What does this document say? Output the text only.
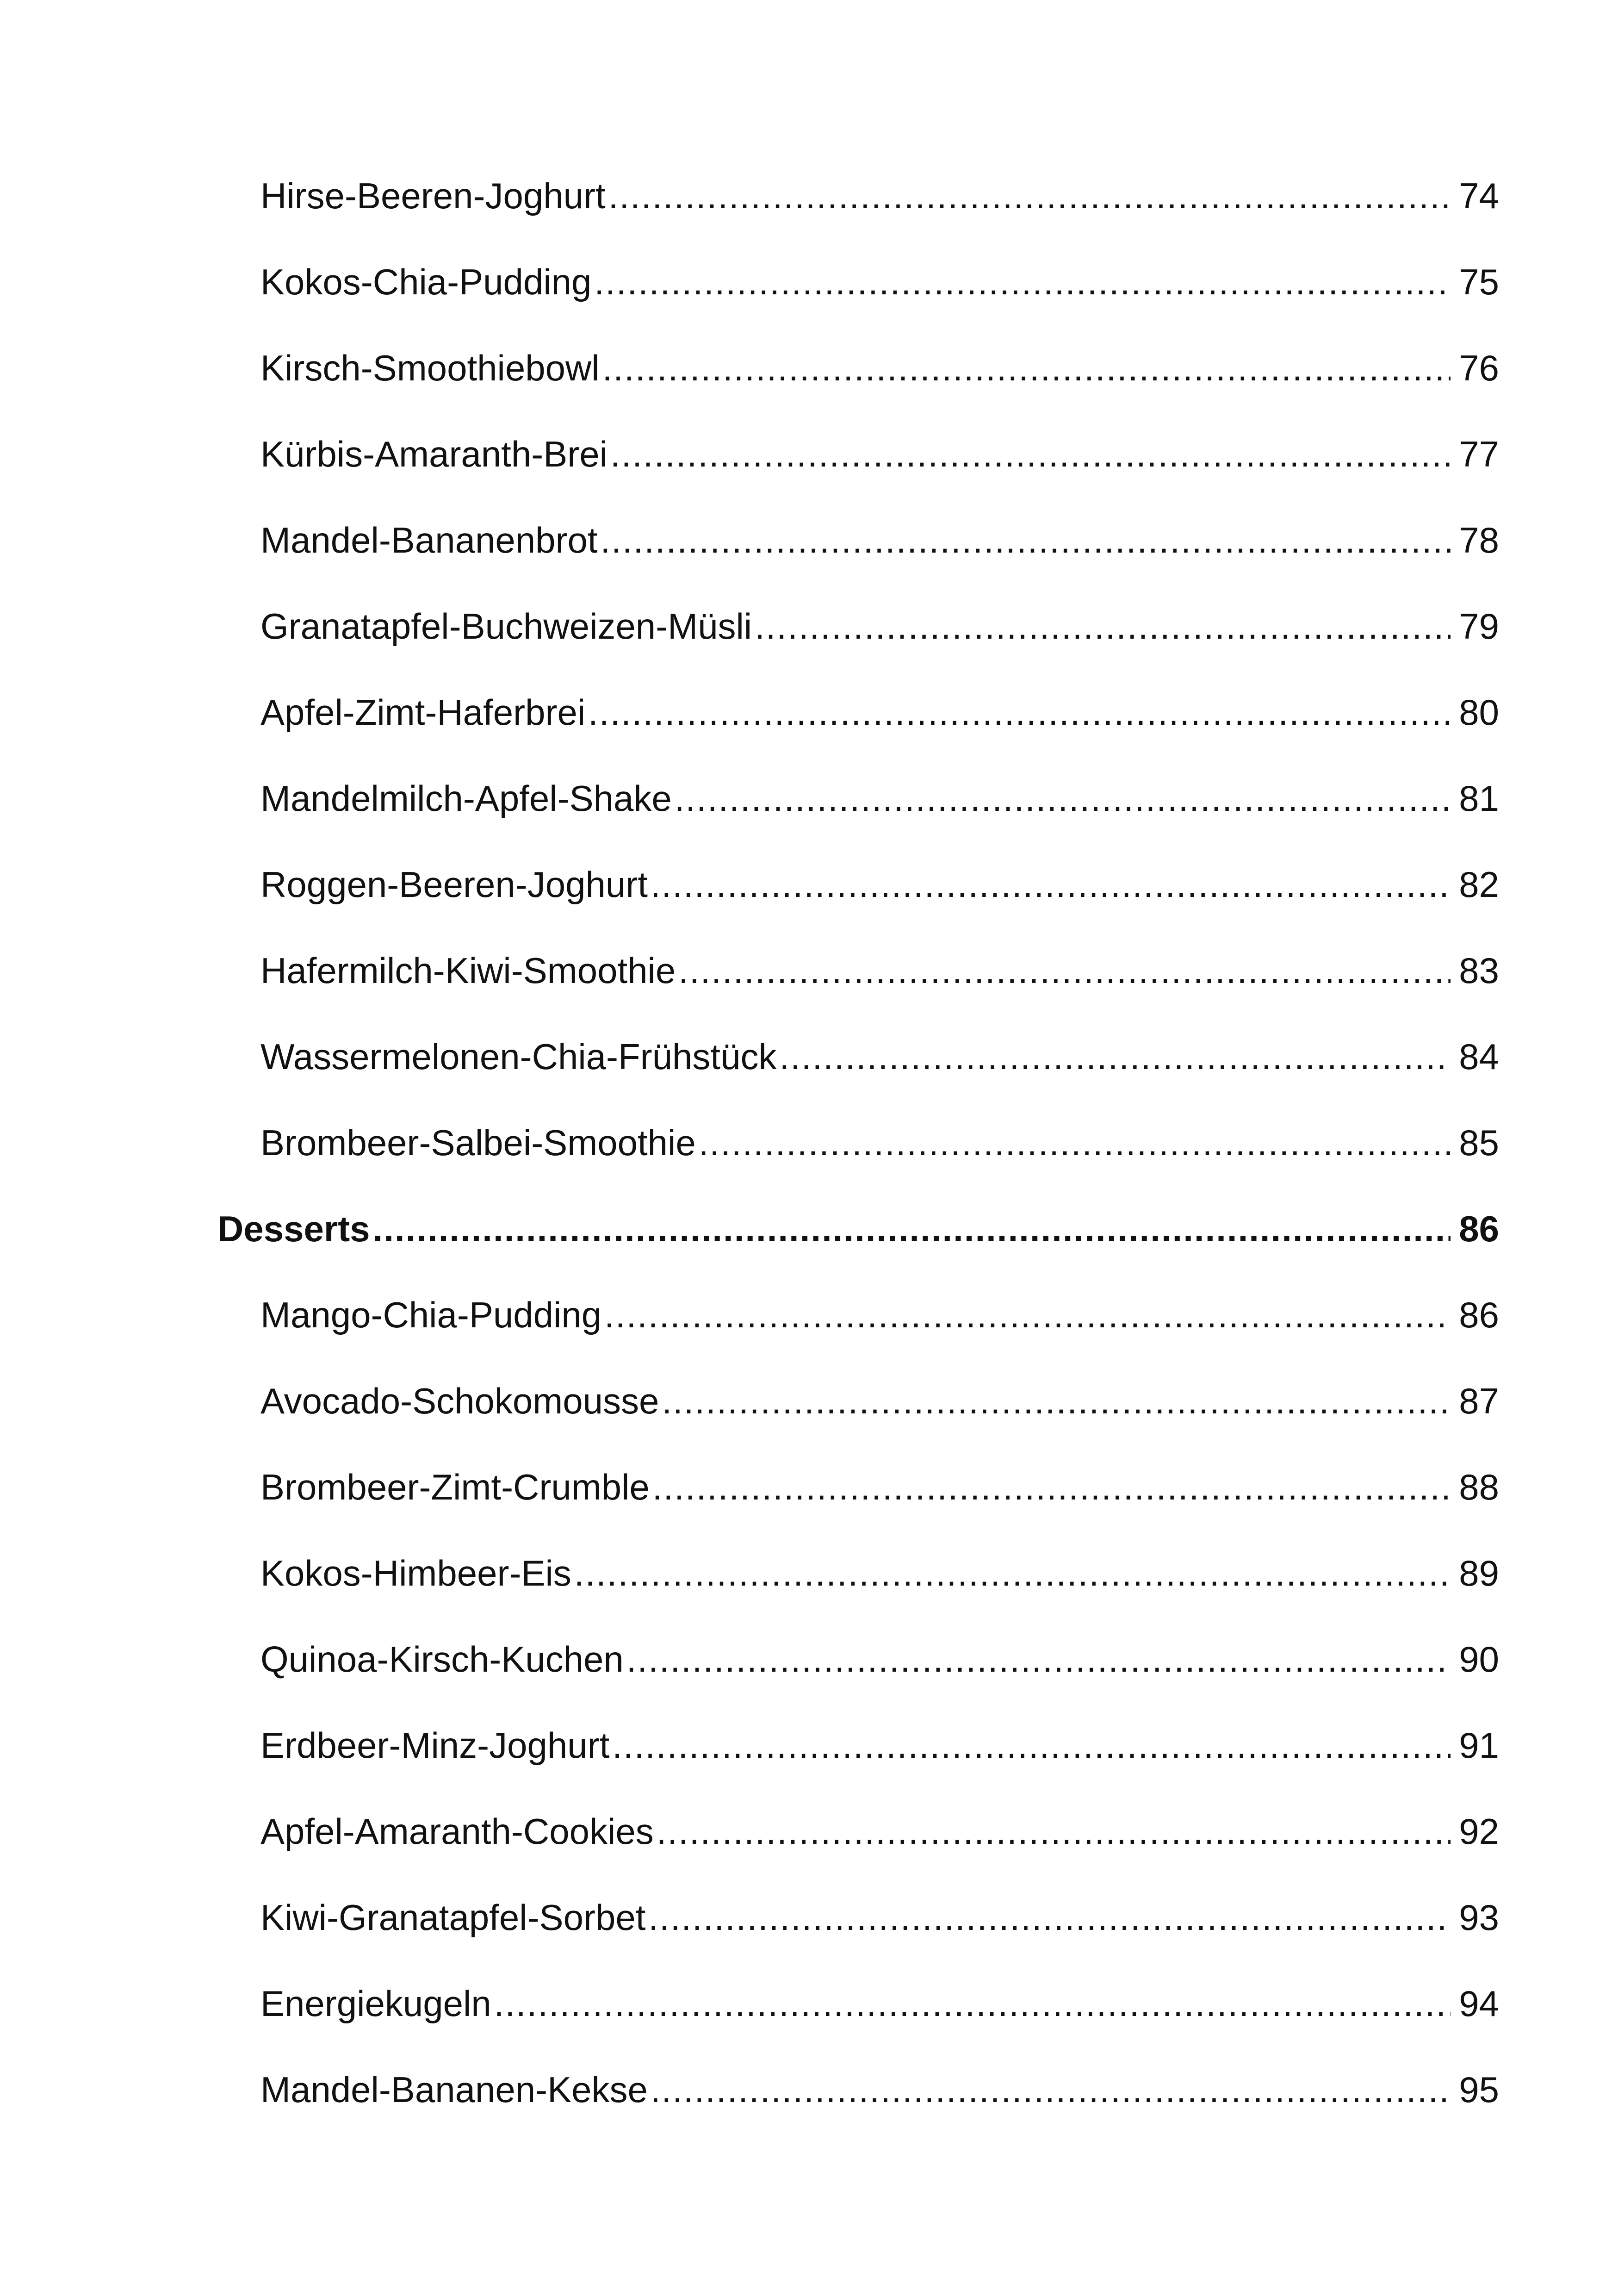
Hirse-Beeren-Joghurt .....	74
Kokos-Chia-Pudding .....	75
Kirsch-Smoothiebowl .....	76
Kürbis-Amaranth-Brei .....	77
Mandel-Bananenbrot .....	78
Granatapfel-Buchweizen-Müsli .....	79
Apfel-Zimt-Haferbrei .....	80
Mandelmilch-Apfel-Shake .....	81
Roggen-Beeren-Joghurt .....	82
Hafermilch-Kiwi-Smoothie .....	83
Wassermelonen-Chia-Frühstück .....	84
Brombeer-Salbei-Smoothie .....	85
Desserts .....	86
Mango-Chia-Pudding .....	86
Avocado-Schokomousse .....	87
Brombeer-Zimt-Crumble .....	88
Kokos-Himbeer-Eis .....	89
Quinoa-Kirsch-Kuchen .....	90
Erdbeer-Minz-Joghurt .....	91
Apfel-Amaranth-Cookies .....	92
Kiwi-Granatapfel-Sorbet .....	93
Energiekugeln .....	94
Mandel-Bananen-Kekse .....	95
